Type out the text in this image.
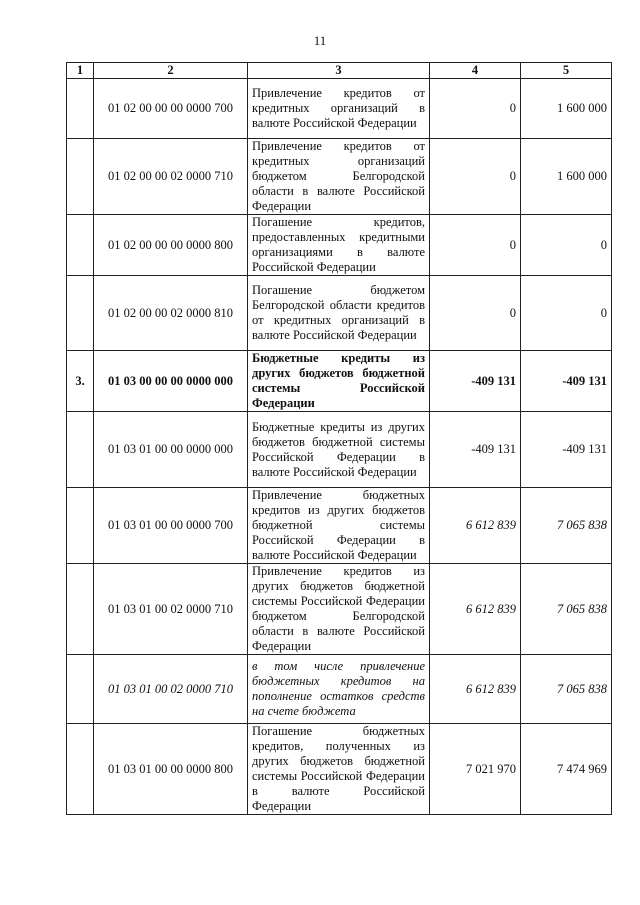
11
1	2	3	4	5
	01 02 00 00 00 0000 700	Привлечение кредитов от кредитных организаций в валюте Российской Федерации	0	1 600 000
	01 02 00 00 02 0000 710	Привлечение кредитов от кредитных организаций бюджетом Белгородской области в валюте Российской Федерации	0	1 600 000
	01 02 00 00 00 0000 800	Погашение кредитов, предоставленных кредитными организациями в валюте Российской Федерации	0	0
	01 02 00 00 02 0000 810	Погашение бюджетом Белгородской области кредитов от кредитных организаций в валюте Российской Федерации	0	0
3.	01 03 00 00 00 0000 000	Бюджетные кредиты из других бюджетов бюджетной системы Российской Федерации	-409 131	-409 131
	01 03 01 00 00 0000 000	Бюджетные кредиты из других бюджетов бюджетной системы Российской Федерации в валюте Российской Федерации	-409 131	-409 131
	01 03 01 00 00 0000 700	Привлечение бюджетных кредитов из других бюджетов бюджетной системы Российской Федерации в валюте Российской Федерации	6 612 839	7 065 838
	01 03 01 00 02 0000 710	Привлечение кредитов из других бюджетов бюджетной системы Российской Федерации бюджетом Белгородской области в валюте Российской Федерации	6 612 839	7 065 838
	01 03 01 00 02 0000 710	в том числе привлечение бюджетных кредитов на пополнение остатков средств на счете бюджета	6 612 839	7 065 838
	01 03 01 00 00 0000 800	Погашение бюджетных кредитов, полученных из других бюджетов бюджетной системы Российской Федерации в валюте Российской Федерации	7 021 970	7 474 969
